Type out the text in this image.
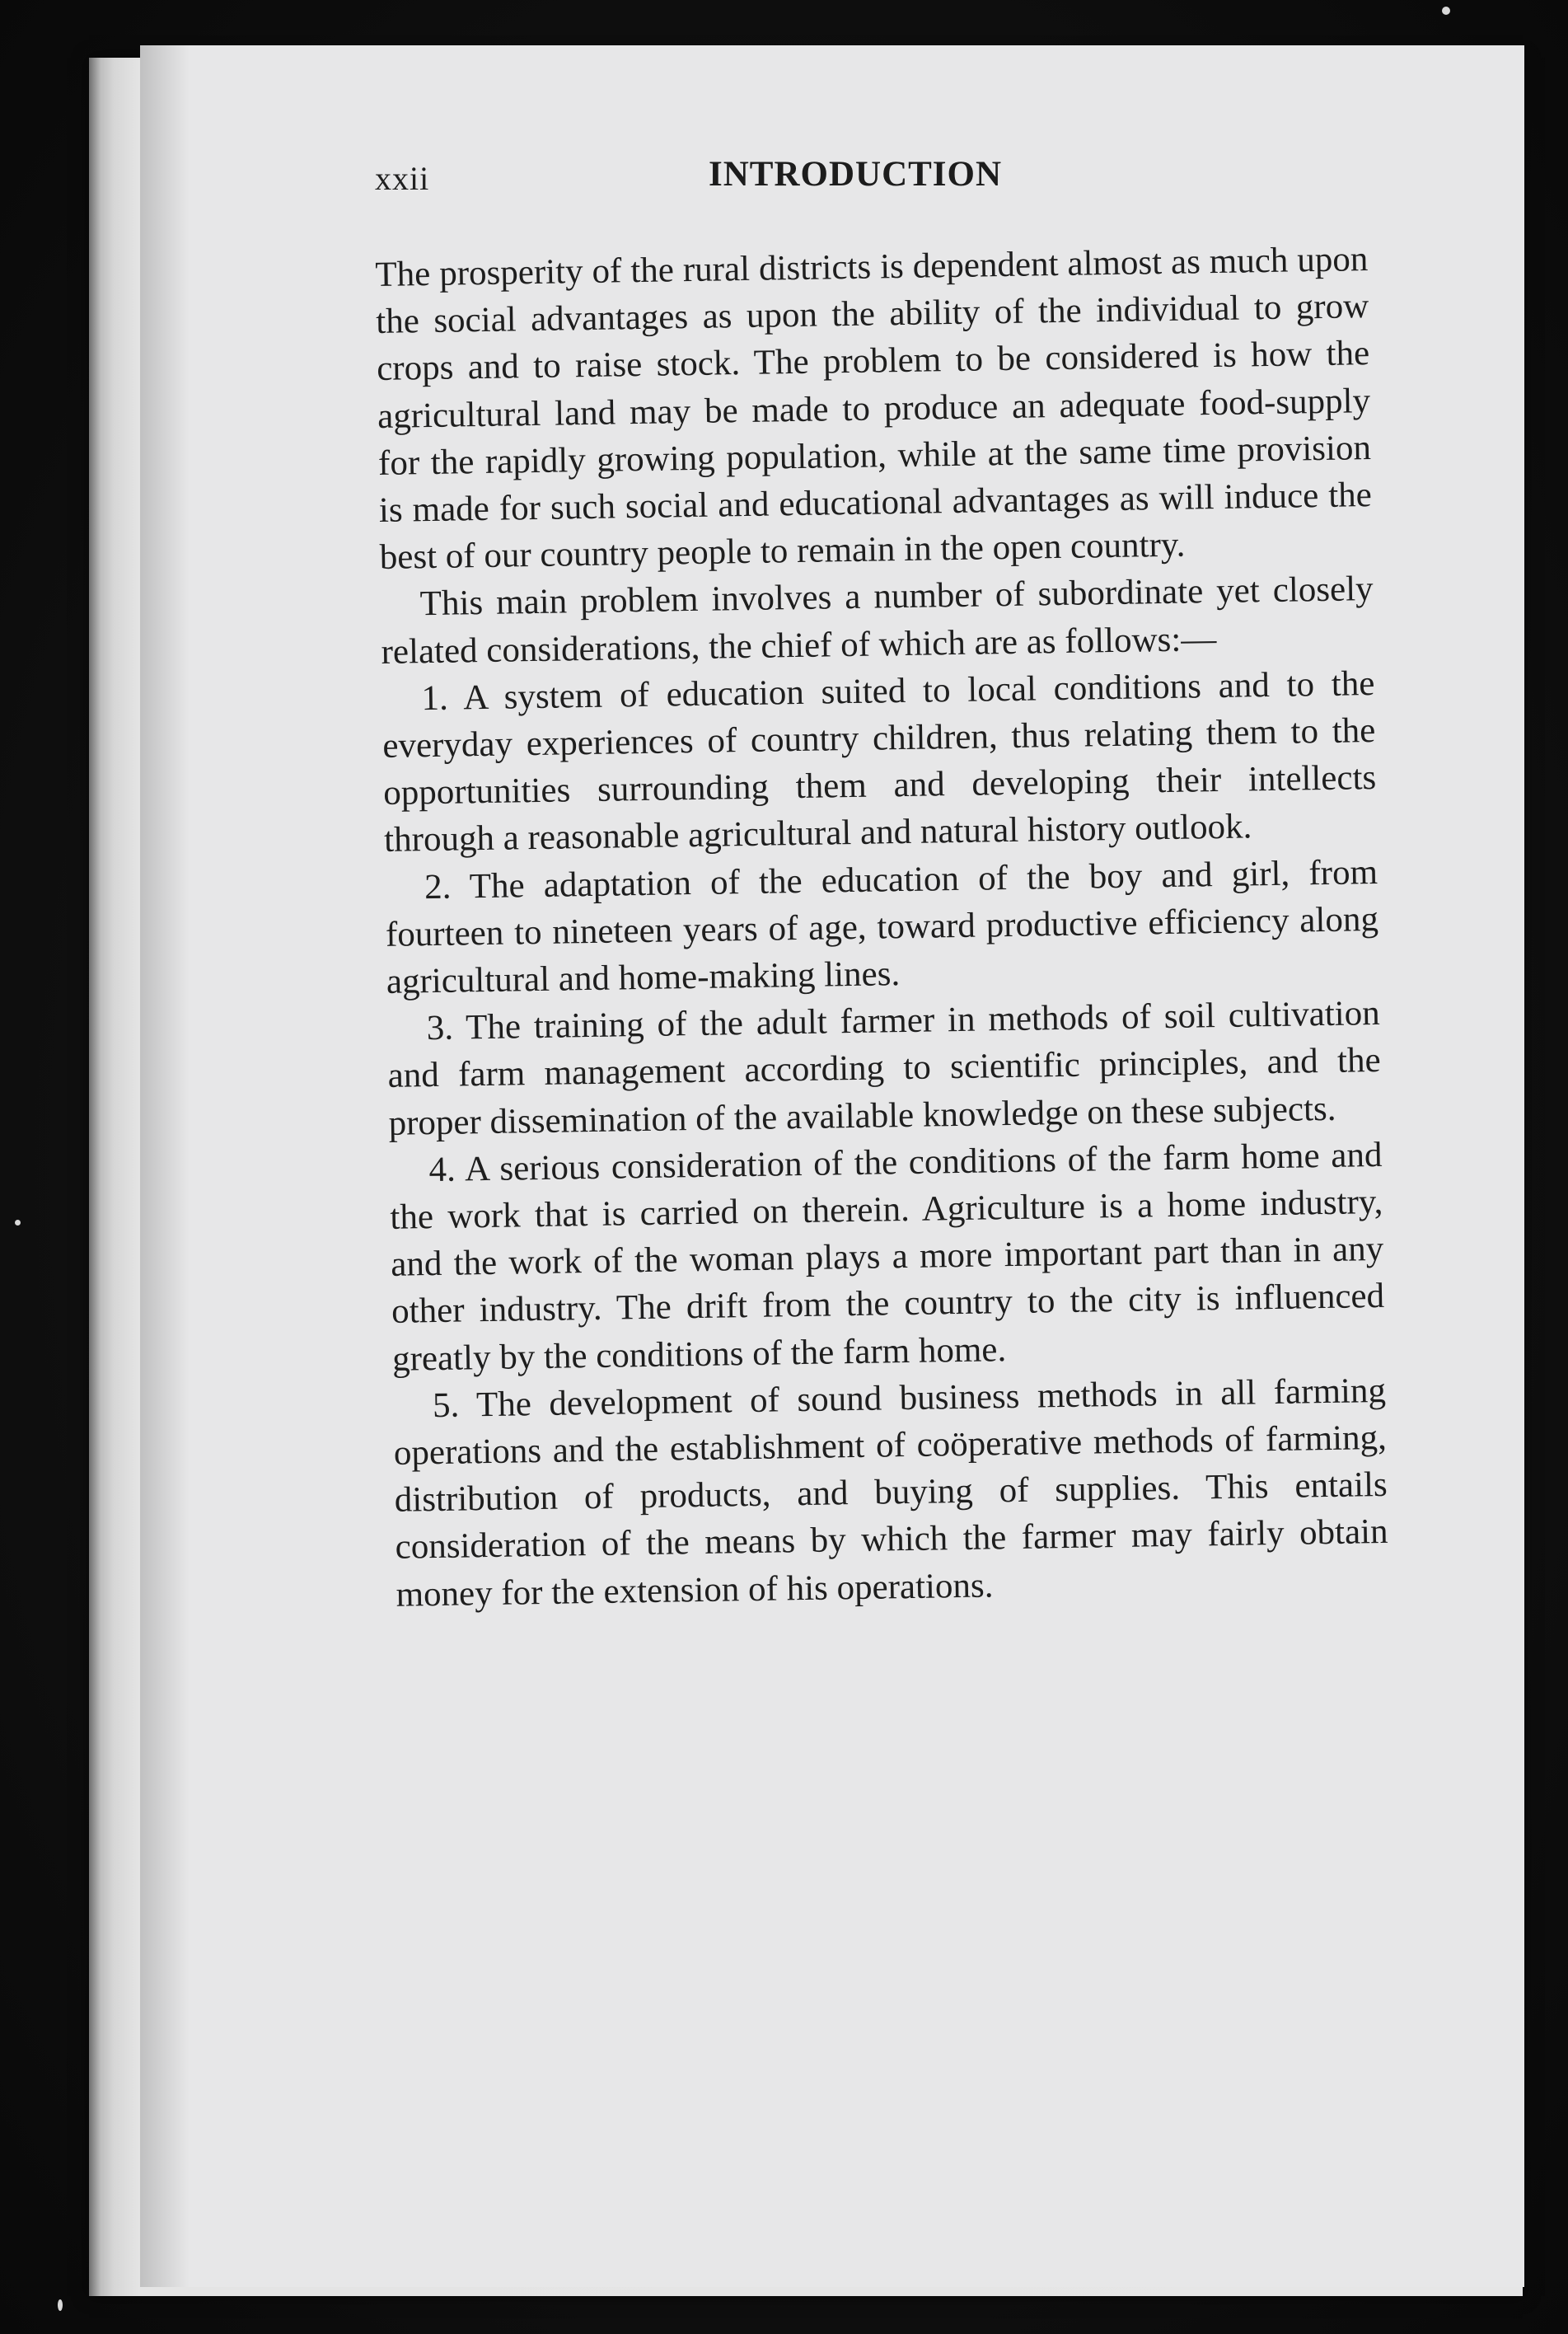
xxii	INTRODUCTION

The prosperity of the rural districts is dependent almost as much upon the social advantages as upon the ability of the individual to grow crops and to raise stock. The problem to be considered is how the agricultural land may be made to produce an adequate food-supply for the rapidly growing population, while at the same time provision is made for such social and educational advantages as will induce the best of our country people to remain in the open country.

This main problem involves a number of subordinate yet closely related considerations, the chief of which are as follows:—

1. A system of education suited to local conditions and to the everyday experiences of country children, thus relating them to the opportunities surrounding them and developing their intellects through a reasonable agricultural and natural history outlook.

2. The adaptation of the education of the boy and girl, from fourteen to nineteen years of age, toward productive efficiency along agricultural and home-making lines.

3. The training of the adult farmer in methods of soil cultivation and farm management according to scientific principles, and the proper dissemination of the available knowledge on these subjects.

4. A serious consideration of the conditions of the farm home and the work that is carried on therein. Agriculture is a home industry, and the work of the woman plays a more important part than in any other industry. The drift from the country to the city is influenced greatly by the conditions of the farm home.

5. The development of sound business methods in all farming operations and the establishment of coöperative methods of farming, distribution of products, and buying of supplies. This entails consideration of the means by which the farmer may fairly obtain money for the extension of his operations.
